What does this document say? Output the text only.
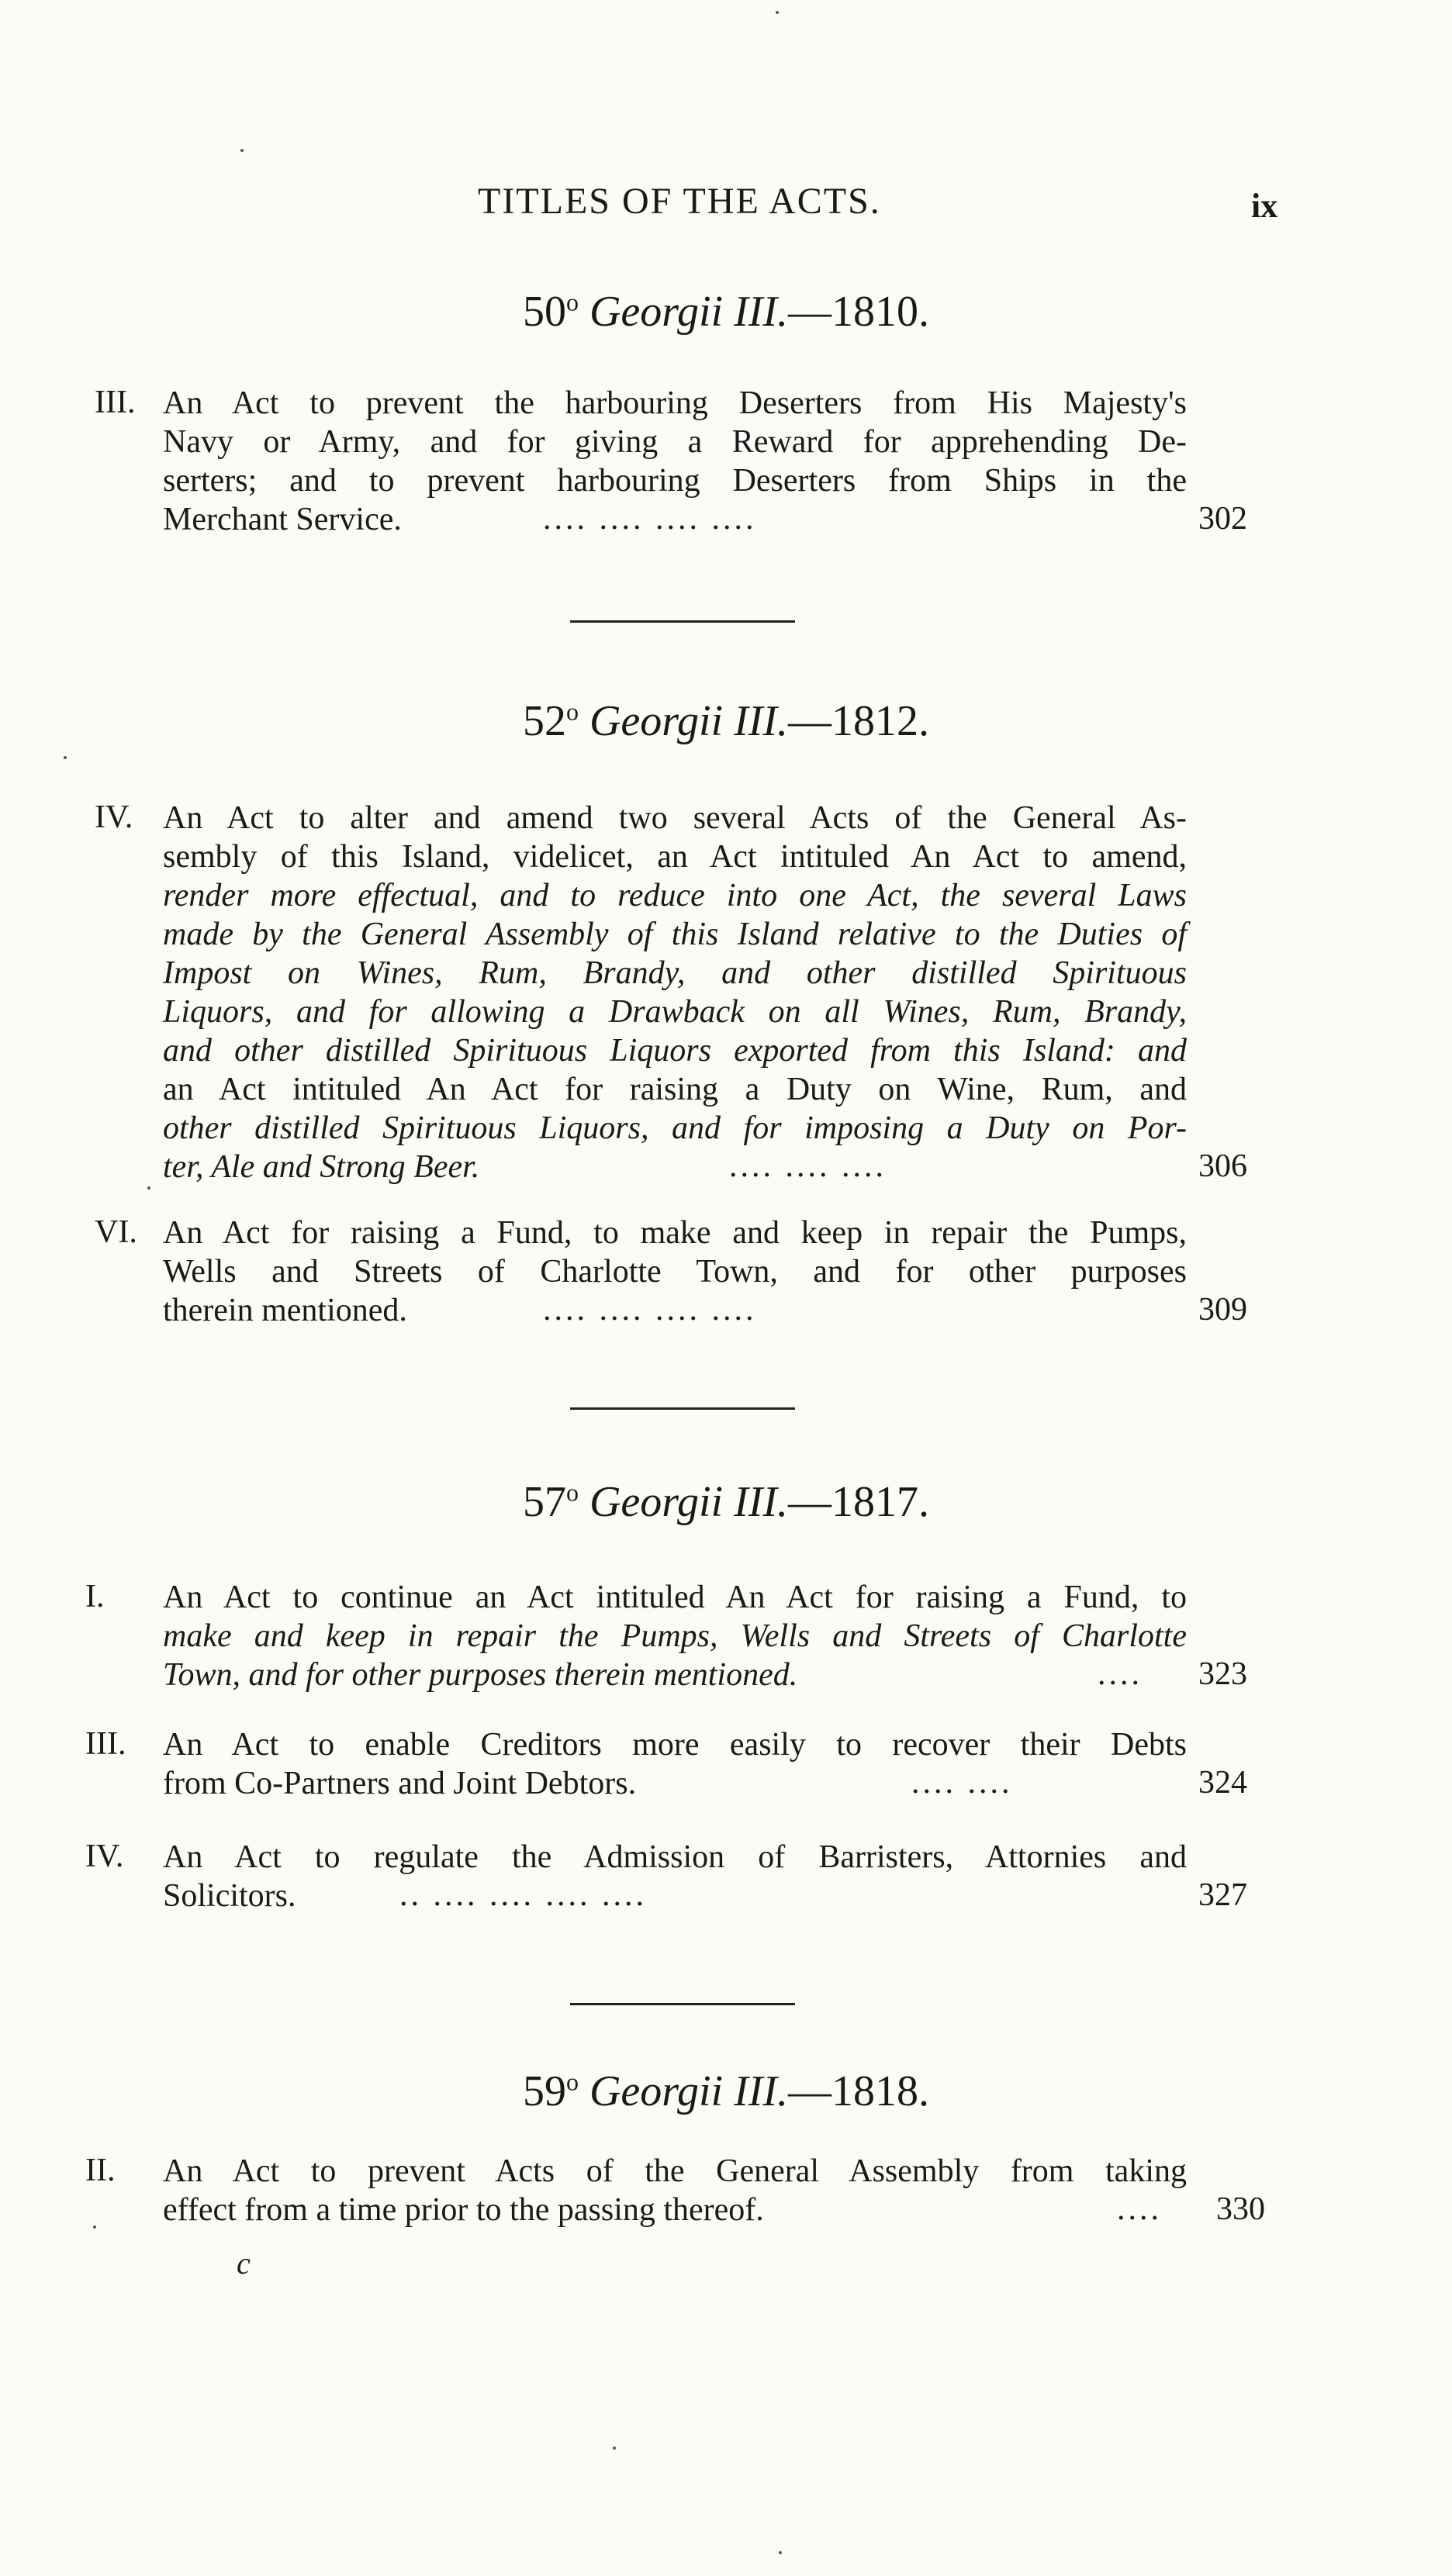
TITLES OF THE ACTS.	ix
50$^o$ Georgii III.—1810.
III. An Act to prevent the harbouring Deserters from His Majesty's
Navy or Army, and for giving a Reward for apprehending De-
serters; and to prevent harbouring Deserters from Ships in the
Merchant Service.	.... .... .... ....	302
52$^o$ Georgii III.—1812.
IV. An Act to alter and amend two several Acts of the General As-
sembly of this Island, videlicet, an Act intituled An Act to amend,
render more effectual, and to reduce into one Act, the several Laws
made by the General Assembly of this Island relative to the Duties of
Impost on Wines, Rum, Brandy, and other distilled Spirituous
Liquors, and for allowing a Drawback on all Wines, Rum, Brandy,
and other distilled Spirituous Liquors exported from this Island: and
an Act intituled An Act for raising a Duty on Wine, Rum, and
other distilled Spirituous Liquors, and for imposing a Duty on Por-
ter, Ale and Strong Beer.	.... .... ....	306
VI. An Act for raising a Fund, to make and keep in repair the Pumps,
Wells and Streets of Charlotte Town, and for other purposes
therein mentioned.	.... .... .... ....	309
57$^o$ Georgii III.—1817.
I. An Act to continue an Act intituled An Act for raising a Fund, to
make and keep in repair the Pumps, Wells and Streets of Charlotte
Town, and for other purposes therein mentioned.	.... 323
III. An Act to enable Creditors more easily to recover their Debts
from Co-Partners and Joint Debtors.	.... ....	324
IV. An Act to regulate the Admission of Barristers, Attornies and
Solicitors.	.. .... .... .... ....	327
59$^o$ Georgii III.—1818.
II. An Act to prevent Acts of the General Assembly from taking
effect from a time prior to the passing thereof.	.... 330
c
